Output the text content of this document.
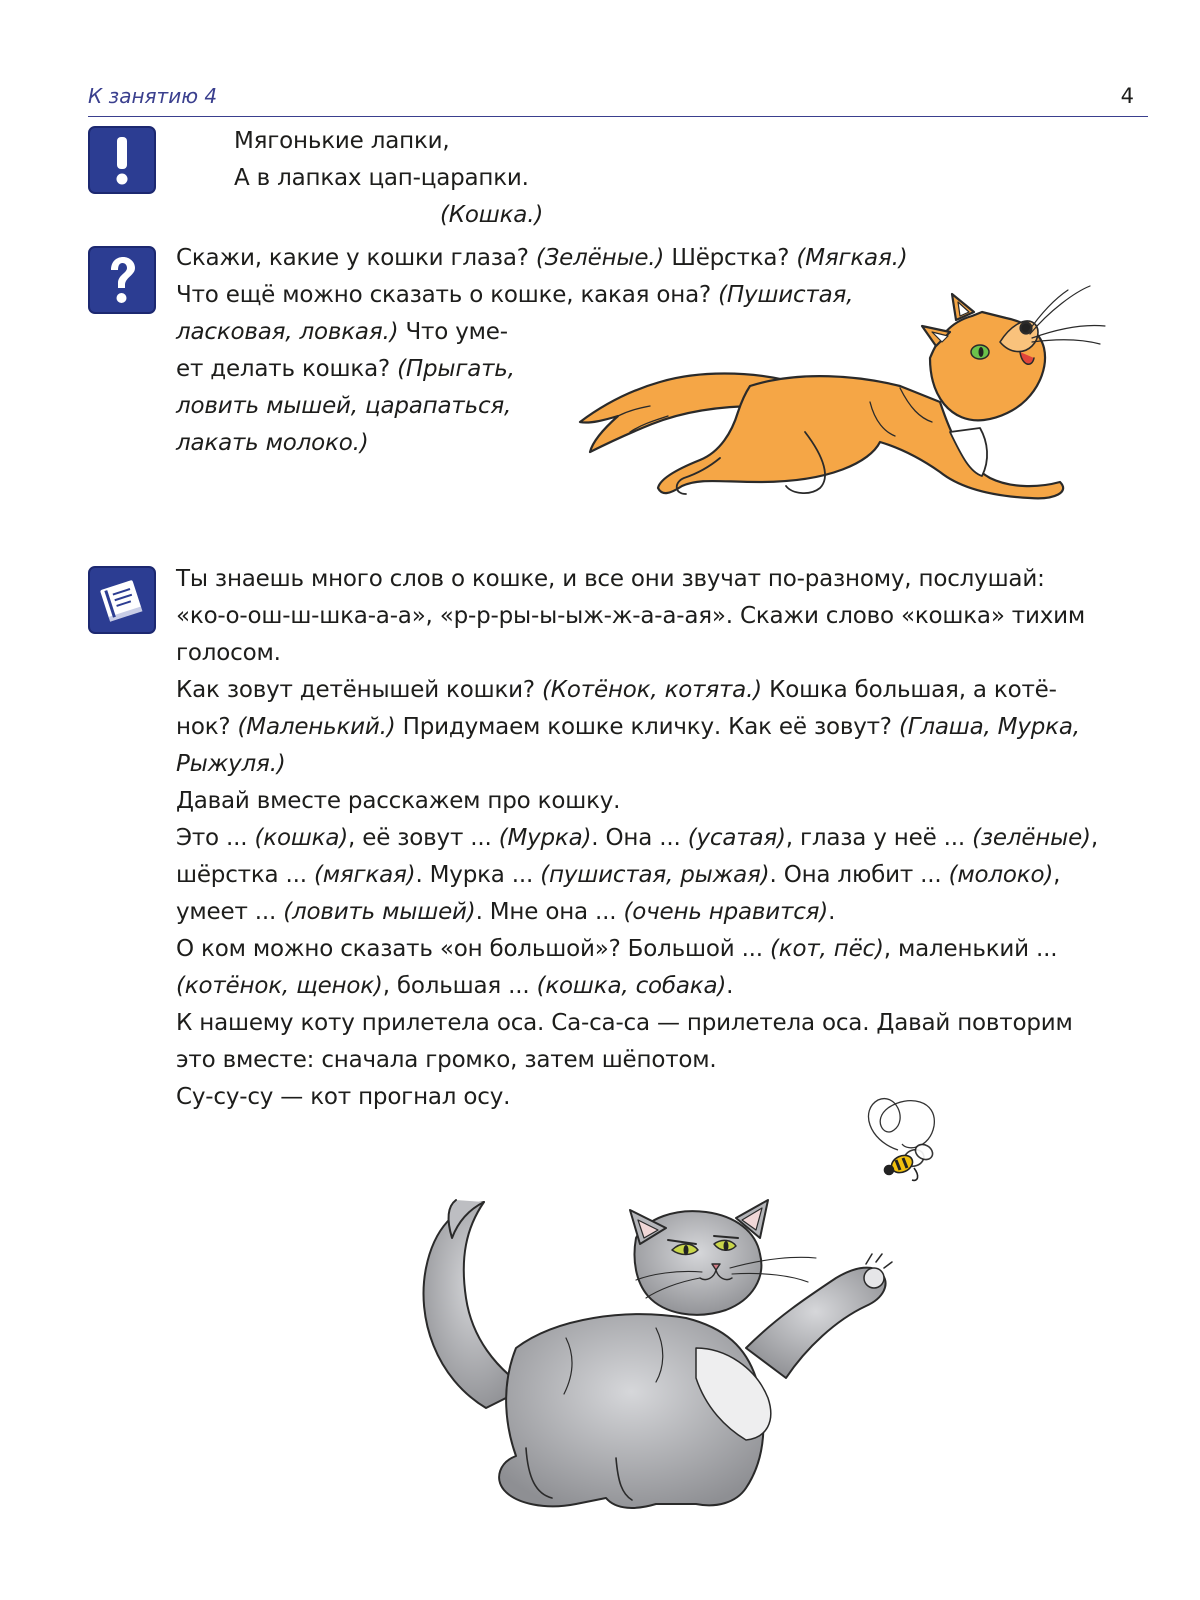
К занятию 4	4
Мягонькие лапки,
А в лапках цап-царапки.
(Кошка.)
Скажи, какие у кошки глаза? (Зелёные.) Шёрстка? (Мягкая.)
Что ещё можно сказать о кошке, какая она? (Пушистая,
ласковая, ловкая.) Что уме-
ет делать кошка? (Прыгать,
ловить мышей, царапаться,
лакать молоко.)
Ты знаешь много слов о кошке, и все они звучат по-разному, послушай:
«ко-о-ош-ш-шка-а-а», «р-р-ры-ы-ыж-ж-а-а-ая». Скажи слово «кошка» тихим
голосом.
Как зовут детёнышей кошки? (Котёнок, котята.) Кошка большая, а котё-
нок? (Маленький.) Придумаем кошке кличку. Как её зовут? (Глаша, Мурка,
Рыжуля.)
Давай вместе расскажем про кошку.
Это ... (кошка), её зовут ... (Мурка). Она ... (усатая), глаза у неё ... (зелёные),
шёрстка ... (мягкая). Мурка ... (пушистая, рыжая). Она любит ... (молоко),
умеет ... (ловить мышей). Мне она ... (очень нравится).
О ком можно сказать «он большой»? Большой ... (кот, пёс), маленький ...
(котёнок, щенок), большая ... (кошка, собака).
К нашему коту прилетела оса. Са-са-са — прилетела оса. Давай повторим
это вместе: сначала громко, затем шёпотом.
Су-су-су — кот прогнал осу.
